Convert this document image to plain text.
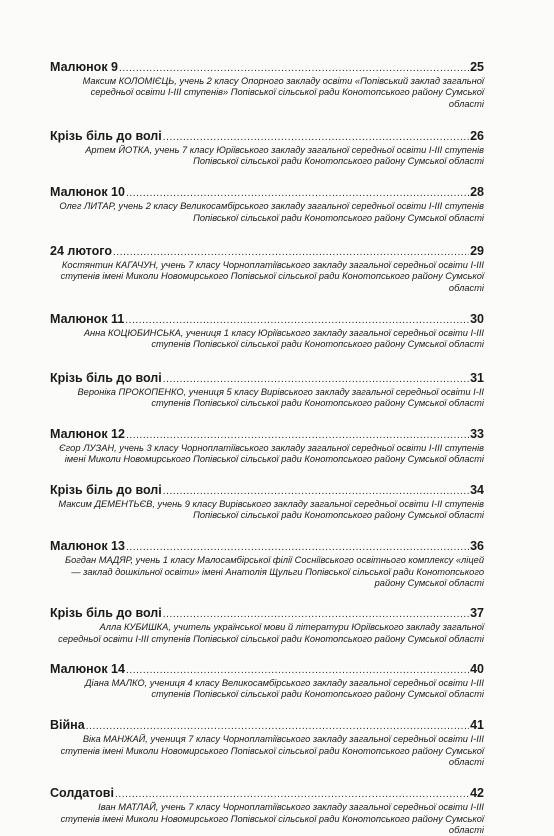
Малюнок 9 .....	25
Максим КОЛОМІЄЦЬ, учень 2 класу Опорного закладу освіти «Попівський заклад загальної середньої освіти І-ІІІ ступенів» Попівської сільської ради Конотопського району Сумської області
Крізь біль до волі .....	26
Артем ЙОТКА, учень 7 класу Юріївського закладу загальної середньої освіти І-ІІІ ступенів Попівської сільської ради Конотопського району Сумської області
Малюнок 10 .....	28
Олег ЛИТАР, учень 2 класу Великосамбірського закладу загальної середньої освіти І-ІІІ ступенів Попівської сільської ради Конотопського району Сумської області
24 лютого .....	29
Костянтин КАГАЧУН, учень 7 класу Чорноплатіївського закладу загальної середньої освіти І-ІІІ ступенів імені Миколи Новомирського Попівської сільської ради Конотопського району Сумської області
Малюнок 11 .....	30
Анна КОЦЮБИНСЬКА, учениця 1 класу Юріївського закладу загальної середньої освіти І-ІІІ ступенів Попівської сільської ради Конотопського району Сумської області
Крізь біль до волі .....	31
Вероніка ПРОКОПЕНКО, учениця 5 класу Вирівського закладу загальної середньої освіти І-ІІ ступенів Попівської сільської ради Конотопського району Сумської області
Малюнок 12 .....	33
Єгор ЛУЗАН, учень 3 класу Чорноплатіївського закладу загальної середньої освіти І-ІІІ ступенів імені Миколи Новомирського Попівської сільської ради Конотопського району Сумської області
Крізь біль до волі .....	34
Максим ДЕМЕНТЬЄВ, учень 9 класу Вирівського закладу загальної середньої освіти І-ІІ ступенів Попівської сільської ради Конотопського району Сумської області
Малюнок 13 .....	36
Богдан МАДЯР, учень 1 класу Малосамбірської філії Сосніївського освітнього комплексу «ліцей — заклад дошкільної освіти» імені Анатолія Щульги Попівської сільської ради Конотопського району Сумської області
Крізь біль до волі .....	37
Алла КУБИШКА, учитель української мови й літератури Юріївського закладу загальної середньої освіти І-ІІІ ступенів Попівської сільської ради Конотопського району Сумської області
Малюнок 14 .....	40
Діана МАЛКО, учениця 4 класу Великосамбірського закладу загальної середньої освіти І-ІІІ ступенів Попівської сільської ради Конотопського району Сумської області
Війна .....	41
Віка МАНЖАЙ, учениця 7 класу Чорноплатіївського закладу загальної середньої освіти І-ІІІ ступенів імені Миколи Новомирського Попівської сільської ради Конотопського району Сумської області
Солдатові .....	42
Іван МАТЛАЙ, учень 7 класу Чорноплатіївського закладу загальної середньої освіти І-ІІІ ступенів імені Миколи Новомирського Попівської сільської ради Конотопського району Сумської області
